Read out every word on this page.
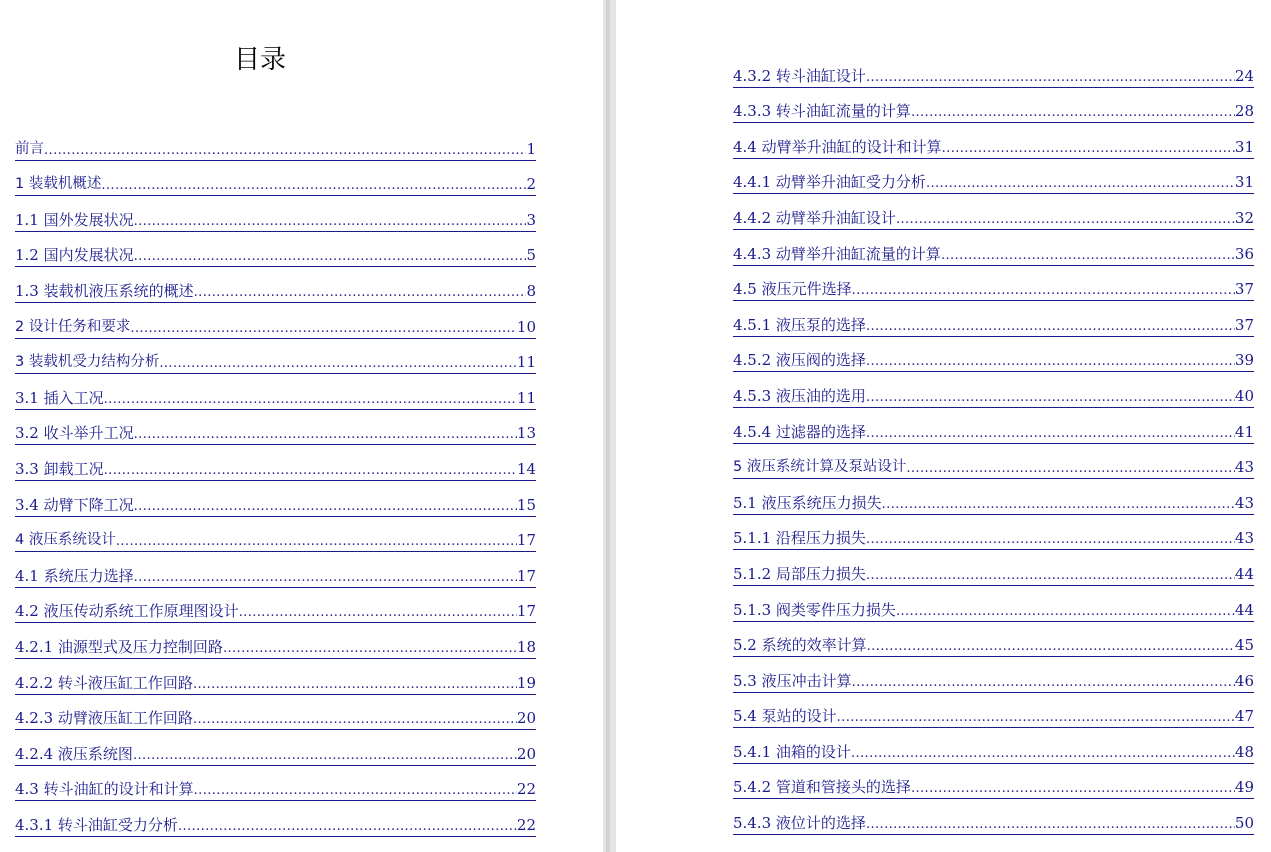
目录
前言 .....	1
1 装载机概述 .....	2
1.1 国外发展状况 .....	3
1.2 国内发展状况 .....	5
1.3 装载机液压系统的概述 .....	8
2 设计任务和要求 .....	10
3 装载机受力结构分析 .....	11
3.1 插入工况 .....	11
3.2 收斗举升工况 .....	13
3.3 卸载工况 .....	14
3.4 动臂下降工况 .....	15
4 液压系统设计 .....	17
4.1 系统压力选择 .....	17
4.2 液压传动系统工作原理图设计 .....	17
4.2.1 油源型式及压力控制回路 .....	18
4.2.2 转斗液压缸工作回路 .....	19
4.2.3 动臂液压缸工作回路 .....	20
4.2.4 液压系统图 .....	20
4.3 转斗油缸的设计和计算 .....	22
4.3.1 转斗油缸受力分析 .....	22
4.3.2 转斗油缸设计 .....	24
4.3.3 转斗油缸流量的计算 .....	28
4.4 动臂举升油缸的设计和计算 .....	31
4.4.1 动臂举升油缸受力分析 .....	31
4.4.2 动臂举升油缸设计 .....	32
4.4.3 动臂举升油缸流量的计算 .....	36
4.5 液压元件选择 .....	37
4.5.1 液压泵的选择 .....	37
4.5.2 液压阀的选择 .....	39
4.5.3 液压油的选用 .....	40
4.5.4 过滤器的选择 .....	41
5 液压系统计算及泵站设计 .....	43
5.1 液压系统压力损失 .....	43
5.1.1 沿程压力损失 .....	43
5.1.2 局部压力损失 .....	44
5.1.3 阀类零件压力损失 .....	44
5.2 系统的效率计算 .....	45
5.3 液压冲击计算 .....	46
5.4 泵站的设计 .....	47
5.4.1 油箱的设计 .....	48
5.4.2 管道和管接头的选择 .....	49
5.4.3 液位计的选择 .....	50
